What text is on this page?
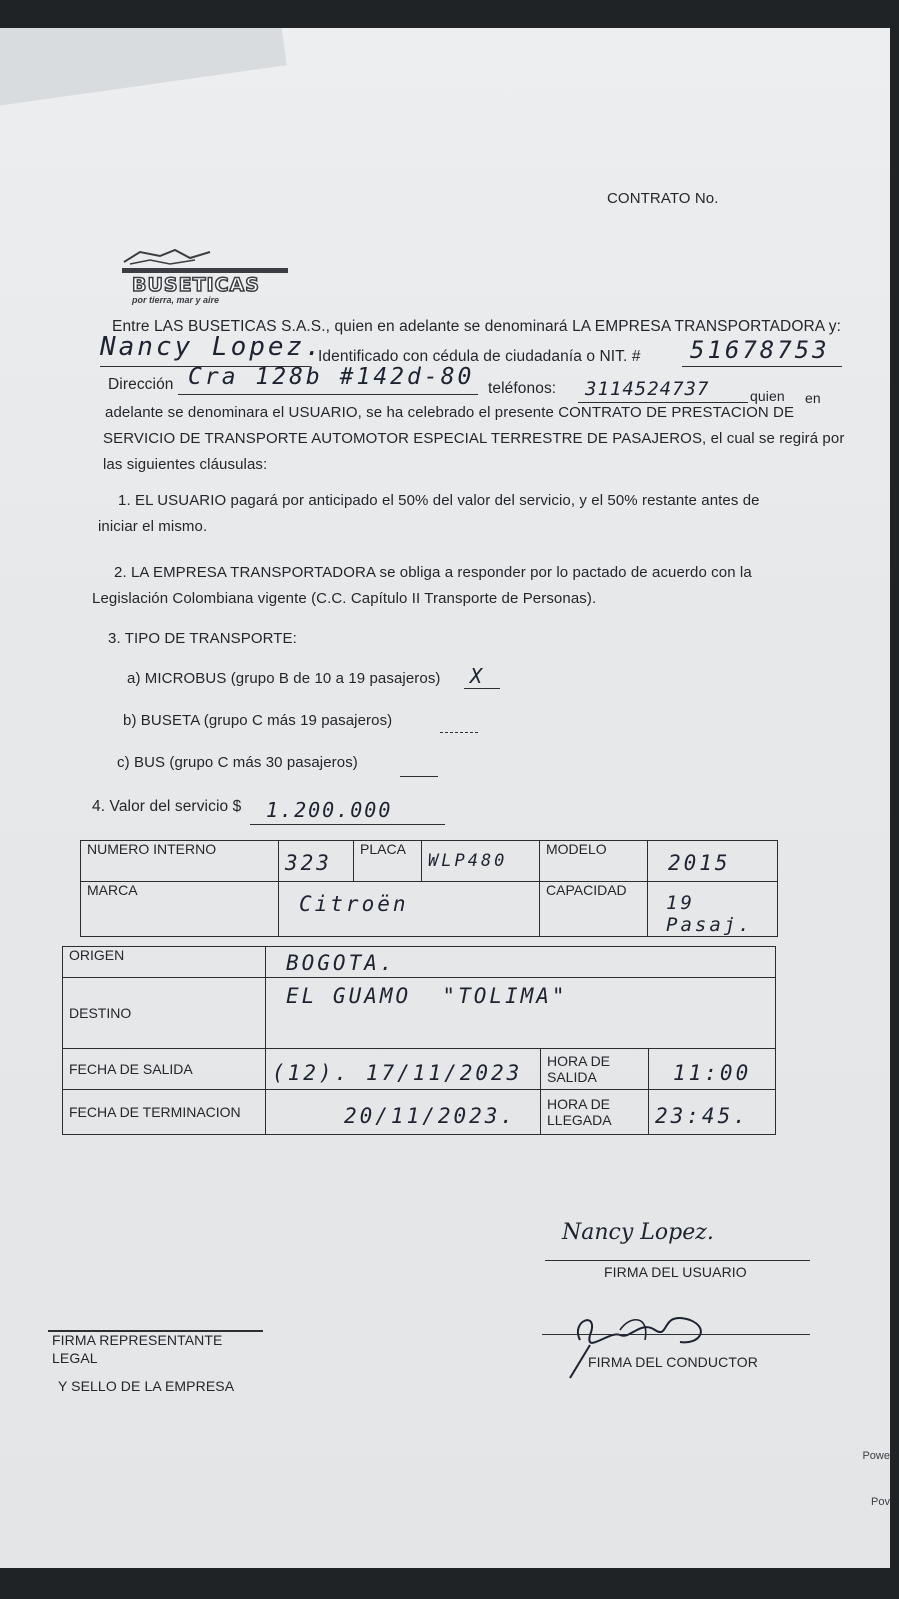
CONTRATO No.
BUSETICAS
por tierra, mar y aire
Entre LAS BUSETICAS S.A.S., quien en adelante se denominará LA EMPRESA TRANSPORTADORA y:
Nancy Lopez.
Identificado con cédula de ciudadanía o NIT. # 51678753
Dirección Cra 128b #142d-80 teléfonos: 3114524737	quien en
adelante se denominara el USUARIO, se ha celebrado el presente CONTRATO DE PRESTACION DE
SERVICIO DE TRANSPORTE AUTOMOTOR ESPECIAL TERRESTRE DE PASAJEROS, el cual se regirá por
las siguientes cláusulas:
1. EL USUARIO pagará por anticipado el 50% del valor del servicio, y el 50% restante antes de
iniciar el mismo.
2. LA EMPRESA TRANSPORTADORA se obliga a responder por lo pactado de acuerdo con la
Legislación Colombiana vigente (C.C. Capítulo II Transporte de Personas).
3. TIPO DE TRANSPORTE:
a) MICROBUS (grupo B de 10 a 19 pasajeros) X
b) BUSETA (grupo C más 19 pasajeros)
c) BUS (grupo C más 30 pasajeros)
4. Valor del servicio $ 1.200.000
NUMERO INTERNO	323	PLACA	WLP480	MODELO	2015

MARCA	Citroën			CAPACIDAD	19 Pasaj.
ORIGEN	BOGOTA.		

DESTINO	EL GUAMO  "TOLIMA"		

FECHA DE SALIDA	(12). 17/11/2023	HORA DE SALIDA	11:00

FECHA DE TERMINACION	20/11/2023.	HORA DE LLEGADA	23:45.
Nancy Lopez.
FIRMA DEL USUARIO
FIRMA DEL CONDUCTOR
FIRMA REPRESENTANTE
LEGAL
Y SELLO DE LA EMPRESA
Powe
Pov
